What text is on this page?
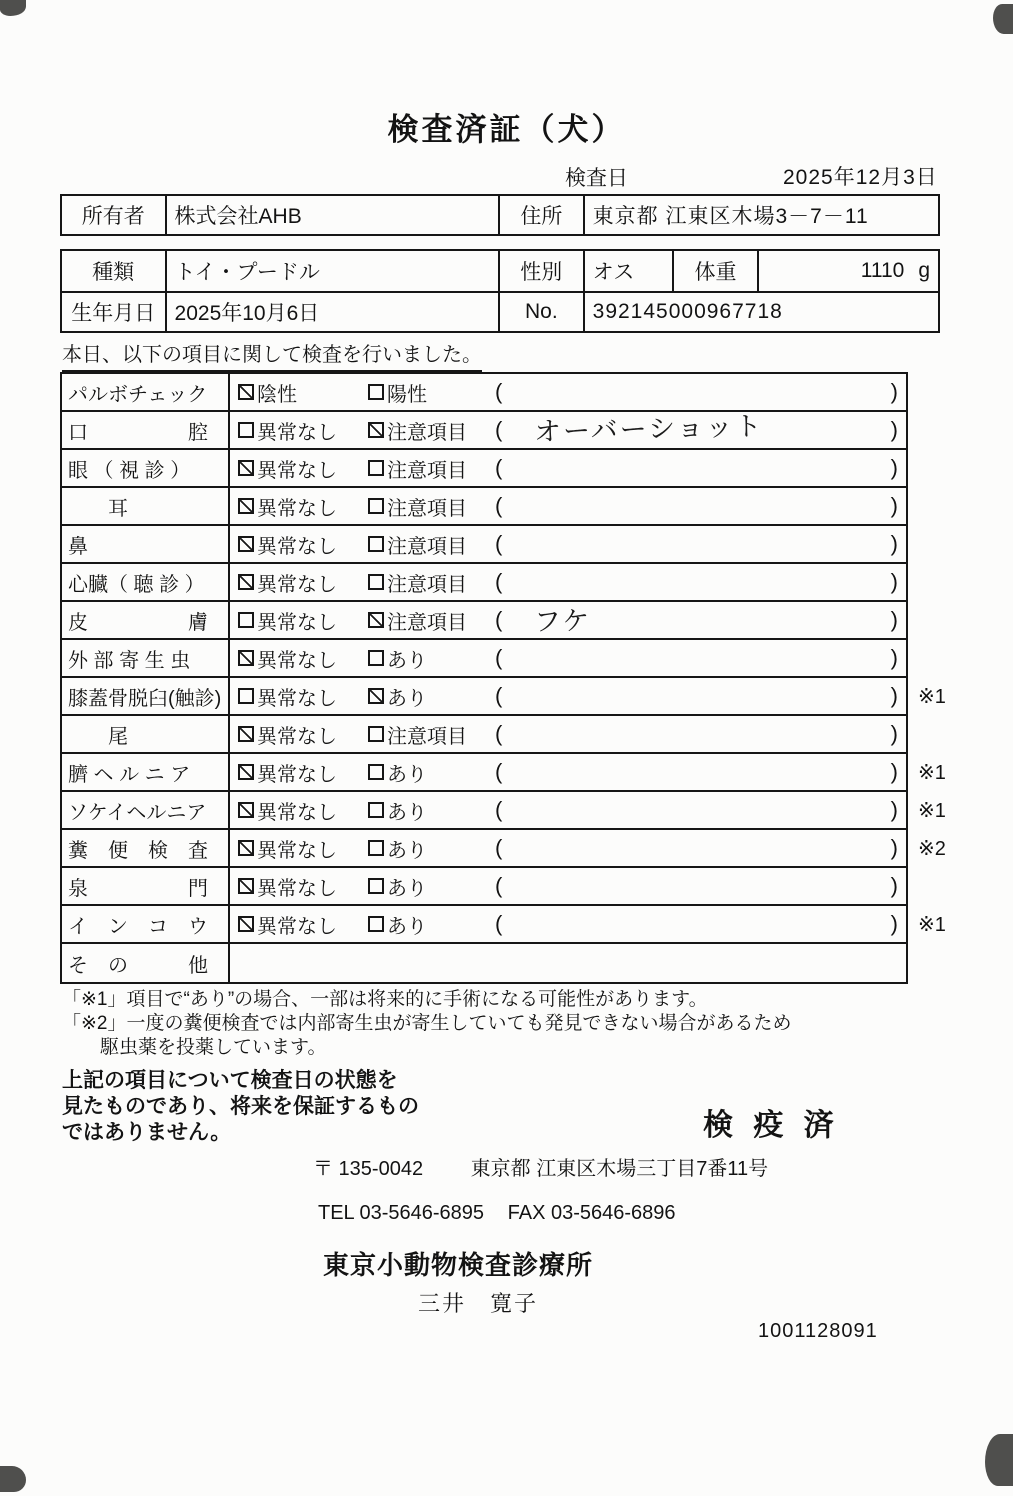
検査済証（犬）
検査日	2025年12月3日
所有者	株式会社AHB	住所	東京都 江東区木場3－7－11
種類	トイ・プードル	性別	オス	体重	1110 g
生年月日 2025年10月6日	No.	392145000967718
本日、以下の項目に関して検査を行いました。
パルボチェック	陰性	陽性	(	)
口　　　　　腔	異常なし	注意項目 (	オーバーショット	)
眼 （ 視 診 ）	異常なし	注意項目 (	)
　　耳	異常なし	注意項目 (	)
鼻	異常なし	注意項目 (	)
心臓（ 聴 診 ）	異常なし	注意項目 (	)
皮　　　　　膚	異常なし	注意項目 (	フケ	)
外 部 寄 生 虫	異常なし	あり	(	)
膝蓋骨脱臼(触診)	異常なし	あり	(	) ※1
　　尾	異常なし	注意項目 (	)
臍 ヘ ル ニ ア	異常なし	あり	(	) ※1
ソケイヘルニア	異常なし	あり	(	) ※1
糞　便　検　査	異常なし	あり	(	) ※2
泉　　　　　門	異常なし	あり	(	)
イ　ン　コ　ウ	異常なし	あり	(	) ※1
そ　の　　　他
「※1」項目で“あり”の場合、一部は将来的に手術になる可能性があります。
「※2」一度の糞便検査では内部寄生虫が寄生していても発見できない場合があるため
駆虫薬を投薬しています。
上記の項目について検査日の状態を
見たものであり、将来を保証するもの
ではありません。	検 疫 済
〒 135-0042 東京都 江東区木場三丁目7番11号
TEL 03-5646-6895 FAX 03-5646-6896
東京小動物検査診療所
三井　寛子
1001128091
